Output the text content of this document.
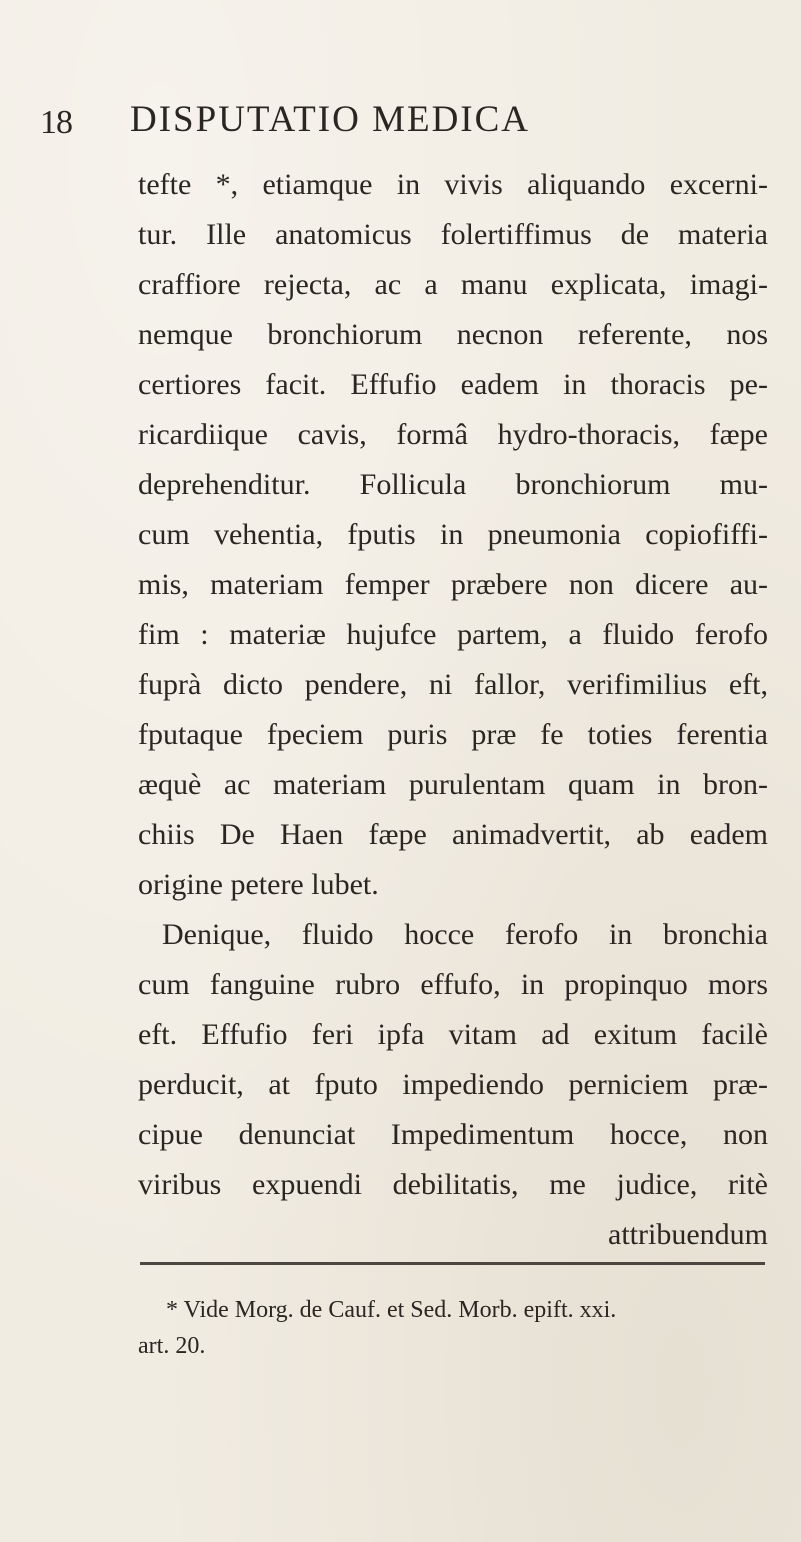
18 DISPUTATIO MEDICA
tefte *, etiamque in vivis aliquando excerni-
tur. Ille anatomicus folertiffimus de materia
craffiore rejecta, ac a manu explicata, imagi-
nemque bronchiorum necnon referente, nos
certiores facit. Effufio eadem in thoracis pe-
ricardiique cavis, formâ hydro-thoracis, fæpe
deprehenditur. Follicula bronchiorum mu-
cum vehentia, fputis in pneumonia copiofiffi-
mis, materiam femper præbere non dicere au-
fim : materiæ hujufce partem, a fluido ferofo
fuprà dicto pendere, ni fallor, verifimilius eft,
fputaque fpeciem puris præ fe toties ferentia
æquè ac materiam purulentam quam in bron-
chiis De Haen fæpe animadvertit, ab eadem
origine petere lubet.
Denique, fluido hocce ferofo in bronchia
cum fanguine rubro effufo, in propinquo mors
eft. Effufio feri ipfa vitam ad exitum facilè
perducit, at fputo impediendo perniciem præ-
cipue denunciat Impedimentum hocce, non
viribus expuendi debilitatis, me judice, ritè
attribuendum
* Vide Morg. de Cauf. et Sed. Morb. epift. xxi.
art. 20.
